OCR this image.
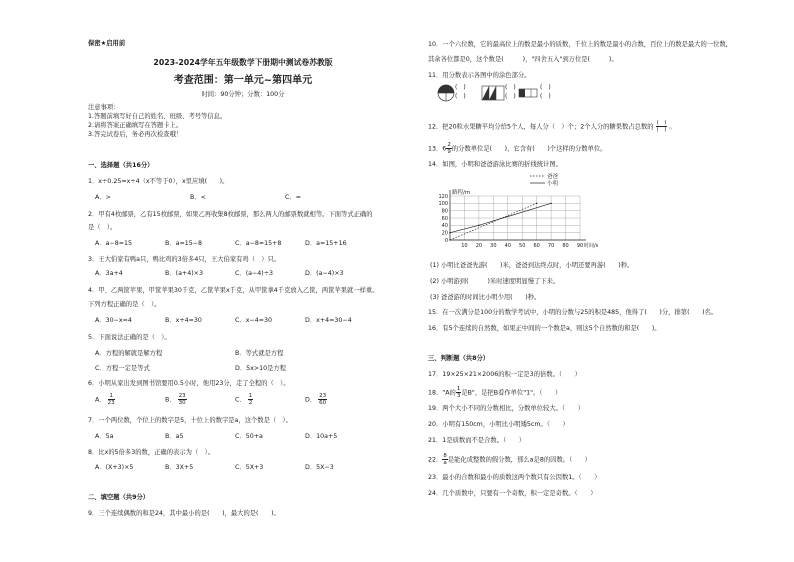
保密★启用前
2023-2024学年五年级数学下册期中测试卷苏教版
考查范围：第一单元~第四单元
时间：90分钟；分数：100分
注意事项：
1.答题前填写好自己的姓名、班级、考号等信息。
2.请将答案正确填写在答题卡上。
3.答完试卷后，务必再次检查哦！
一、选择题（共16分）
1．x÷0.25=x÷4（x不等于0），x里应填(　　)。
A．>	B．<	C．=
2．甲有4枚邮票，乙有15枚邮票，如果乙再收集8枚邮票，那么两人的邮票数就相等。下面等式正确的
是（　）。
A．a−8=15	B．a=15−8	C．a−8=15+8	D．a=15+16
3．王大伯家有鸭a只，鸭比鸡的3倍多4只，王大伯家有鸡（　）只。
A．3a+4	B．(a+4)×3	C．(a−4)÷3	D．(a−4)×3
4．甲、乙两筐苹果，甲筐苹果30千克，乙筐苹果x千克，从甲筐拿4千克放入乙筐，两筐苹果就一样重。
下列方程正确的是（　）。
A．30−x=4	B．x+4=30	C．x−4=30	D．x+4=30−4
5．下面说法正确的是（　）。
A．方程的解就是解方程	B．等式就是方程
C．方程一定是等式	D．5x>10是方程
6．小明从家出发到图书馆要用0.5小时，他用23分，走了全程的（　）。
A． $\frac{1}{23}$	B． $\frac{23}{30}$	C． $\frac{1}{2}$	D． $\frac{23}{60}$
7．一个两位数，个位上的数字是5，十位上的数字是a，这个数是（　）。
A．5a	B．a5	C．50+a	D．10a+5
8．比x的5倍多3的数，正确的表示为（　）。
A．(X+3)×5	B．3X+5	C．5X+3	D．5X−3
二、填空题（共9分）
9．三个连续偶数的和是24，其中最小的是(　　)，最大的是(　　)。
10．一个六位数，它的最高位上的数是最小的质数，千位上的数是最小的合数，百位上的数是最大的一位数，
其余各位都是0，这个数是(　　　)，"四舍五入"到万位是(　　　)。
11．用分数表示各图中的涂色部分。
(　)
(　)
(　)
(　)
(　)
(　)
12．把20粒水果糖平均分给5个人，每人分（　）个；2个人分的糖果数占总数的 $\frac{( )}{( )}$ 。
13．$6 \frac{2}{9}$ 的分数单位是(　　)，它含有(　　)个这样的分数单位。
14．如图，小明和爸爸游泳比赛的折线统计图。
10 20 30 40 50 60 70 80 90
0
20
40
60
80
100
120
路程/m
时间/s
爸爸
小明
(1) 小明比爸爸先游(　　)米，爸爸到达终点时，小明还要再游(　　)秒。
(2) 小明游到(　　　)米时速度明显慢了下来。
(3) 爸爸游的时间比小明少用(　　)秒。
15．在一次满分是100分的数学考试中，小明的分数与25的积是485，他得了(　　)分，排第(　　)名。
16．有5个连续的自然数，如果正中间的一个数是a，则这5个自然数的和是(　　)。
三、判断题（共8分）
17．19×25×21×2006的积一定是3的倍数。（　　）
18．"A的 $\frac{1}{3}$ 是B"，是把B看作单位"1"。（　　）
19．两个大小不同的分数相比，分数单位较大。（　　）
20．小明有150cm，小明比小明矮5cm。（　　）
21．1是质数而不是合数。（　　）
22． $\frac{8}{a}$ 是能化成整数的假分数，那么a是8的因数。（　　）
23．最小的合数和最小的质数这两个数只有公因数1。（　　）
24．几个质数中，只要有一个奇数，积一定是奇数。（　　）
